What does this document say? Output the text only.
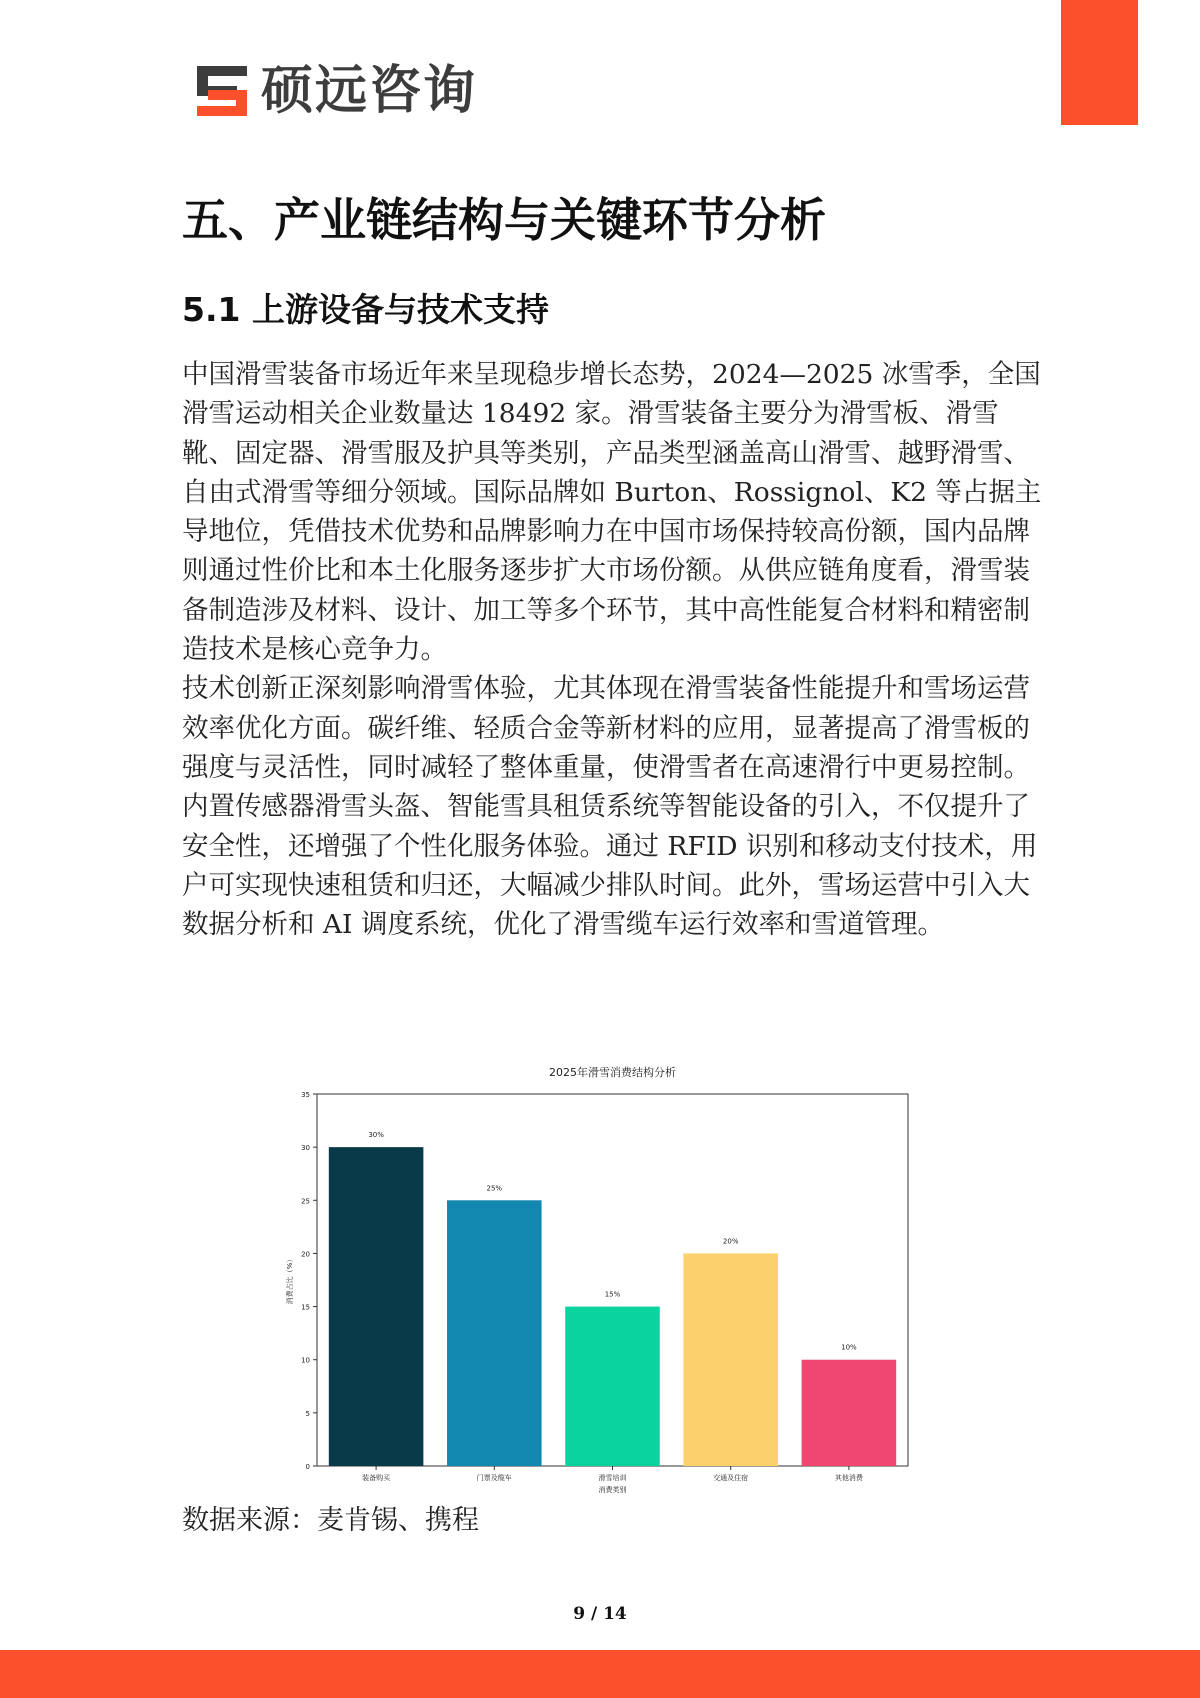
硕远咨询
五、产业链结构与关键环节分析
5.1 上游设备与技术支持

中国滑雪装备市场近年来呈现稳步增长态势，2024—2025 冰雪季，全国滑雪运动相关企业数量达 18492 家。滑雪装备主要分为滑雪板、滑雪靴、固定器、滑雪服及护具等类别，产品类型涵盖高山滑雪、越野滑雪、自由式滑雪等细分领域。国际品牌如 Burton、Rossignol、K2 等占据主导地位，凭借技术优势和品牌影响力在中国市场保持较高份额，国内品牌则通过性价比和本土化服务逐步扩大市场份额。从供应链角度看，滑雪装备制造涉及材料、设计、加工等多个环节，其中高性能复合材料和精密制造技术是核心竞争力。

技术创新正深刻影响滑雪体验，尤其体现在滑雪装备性能提升和雪场运营效率优化方面。碳纤维、轻质合金等新材料的应用，显著提高了滑雪板的强度与灵活性，同时减轻了整体重量，使滑雪者在高速滑行中更易控制。内置传感器滑雪头盔、智能雪具租赁系统等智能设备的引入，不仅提升了安全性，还增强了个性化服务体验。通过 RFID 识别和移动支付技术，用户可实现快速租赁和归还，大幅减少排队时间。此外，雪场运营中引入大数据分析和 AI 调度系统，优化了滑雪缆车运行效率和雪道管理。

2025年滑雪消费结构分析
0
5
10
15
20
25
30
35
30%
装备购买
25%
门票及缆车
15%
滑雪培训
20%
交通及住宿
10%
其他消费
消费类别
消费占比（%）

数据来源：麦肯锡、携程

9 / 14
